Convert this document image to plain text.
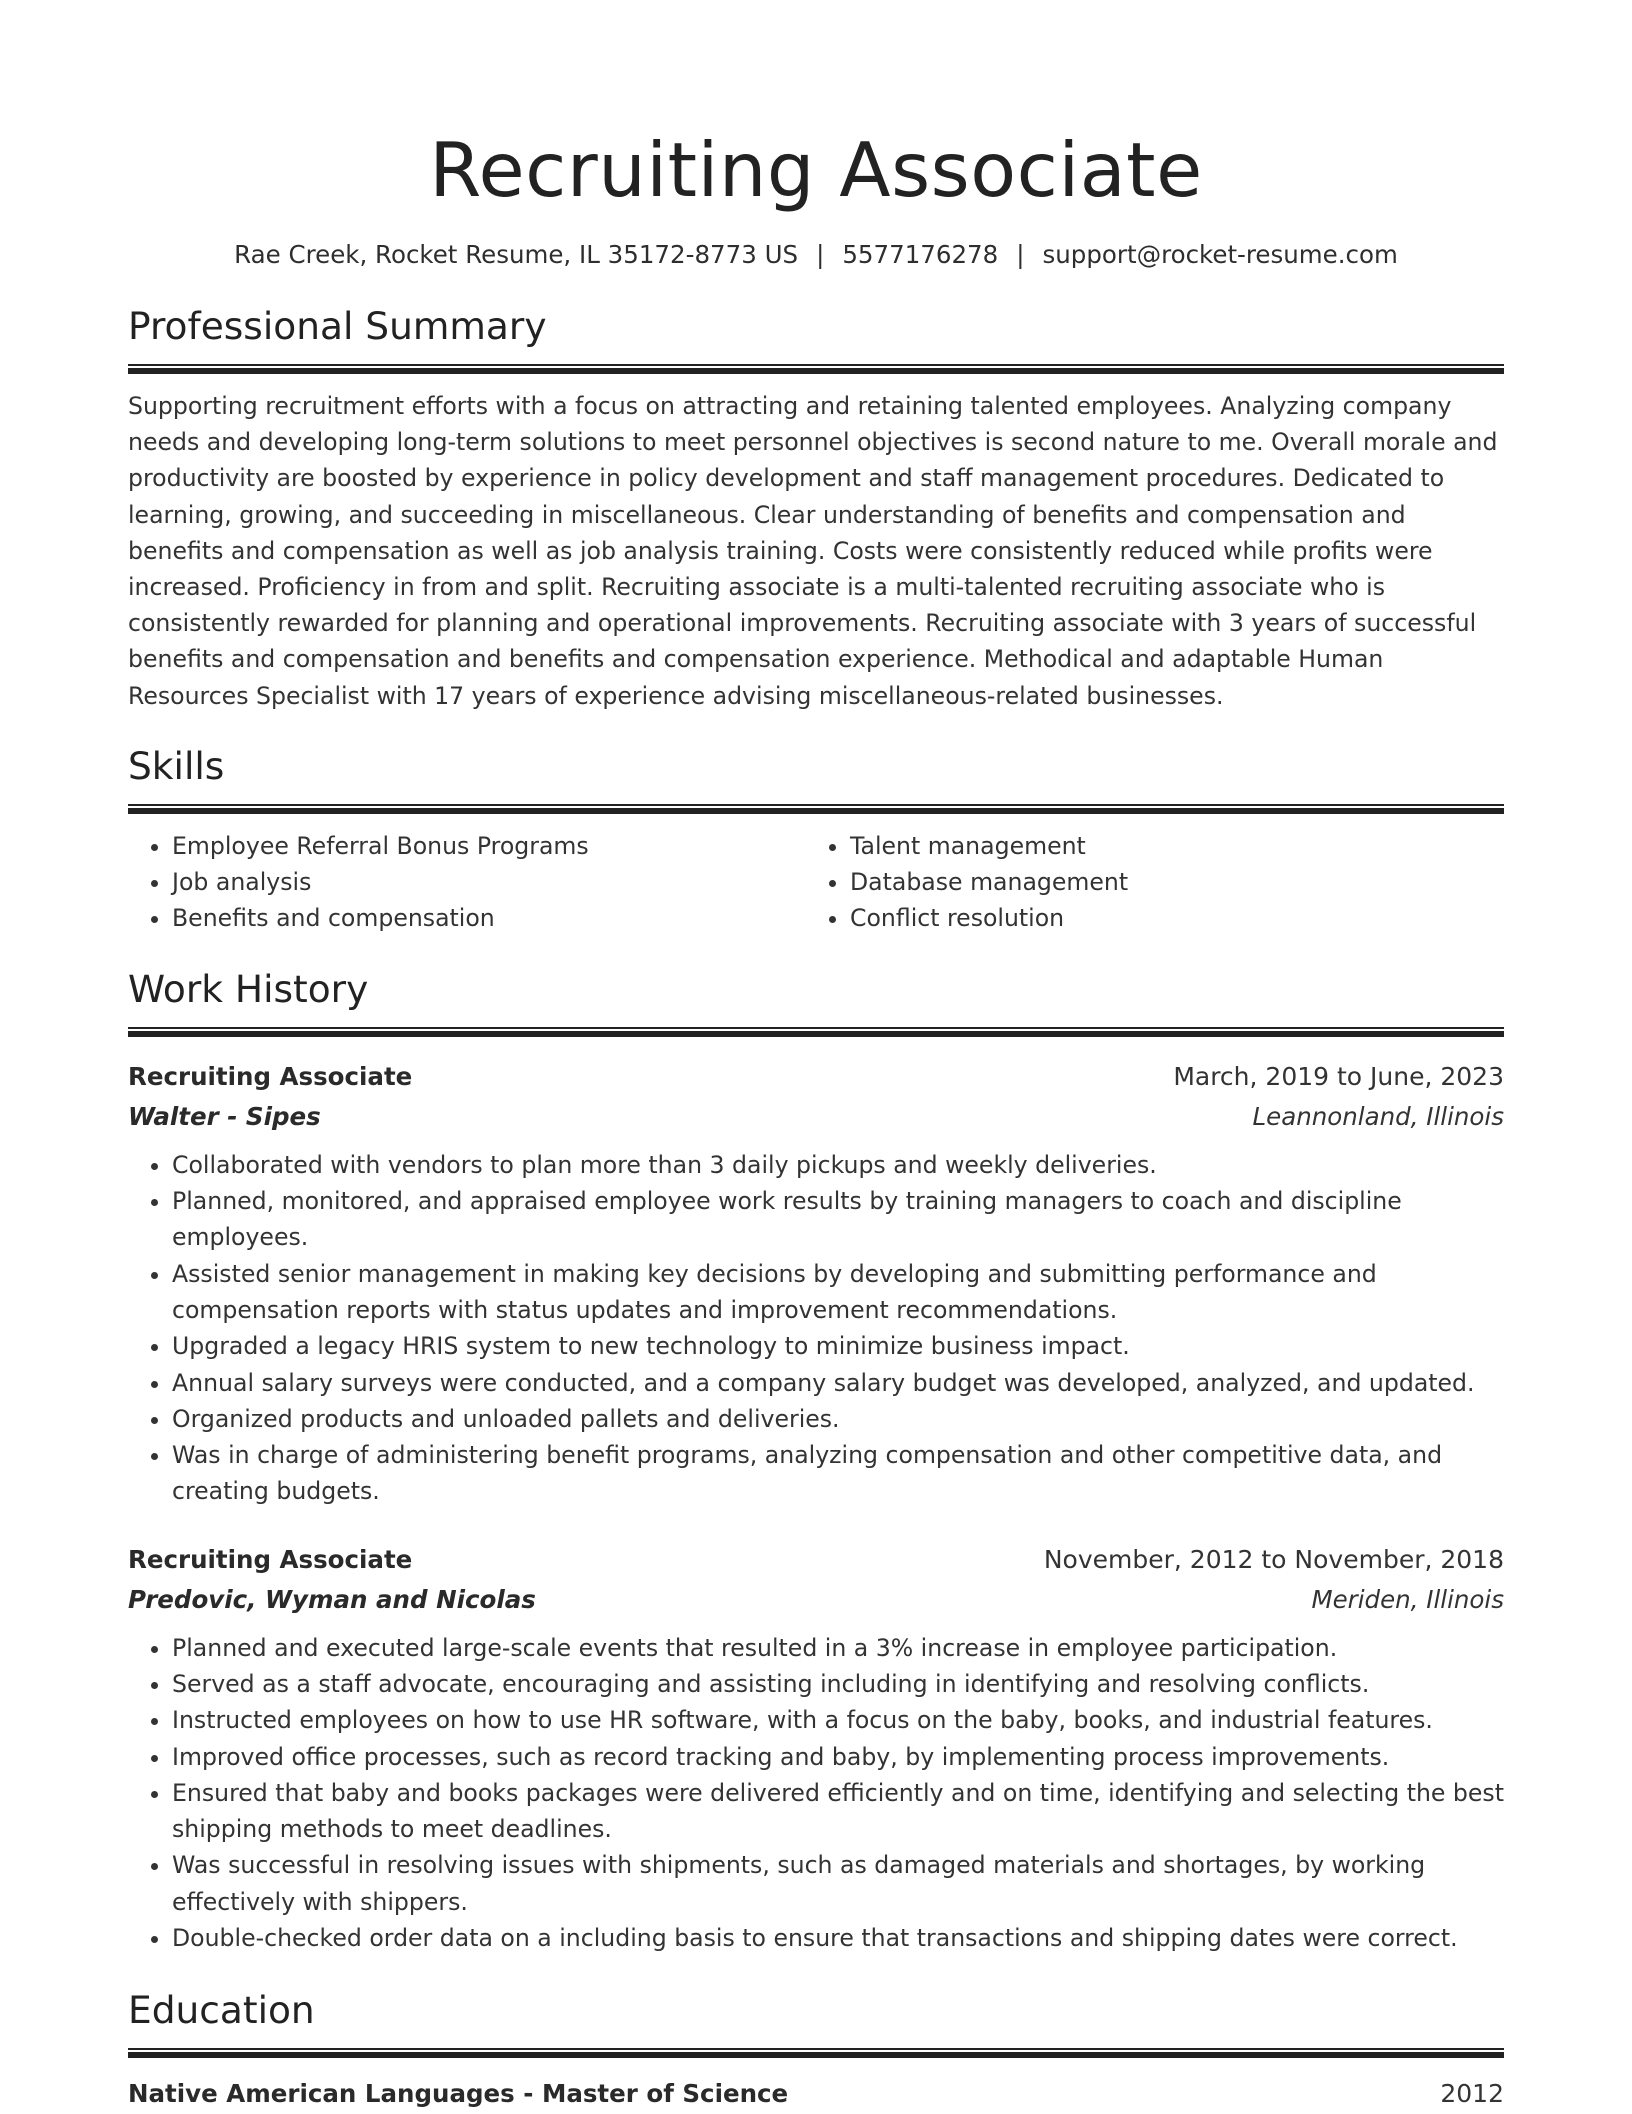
Recruiting Associate
Rae Creek, Rocket Resume, IL 35172-8773 US | 5577176278 | support@rocket-resume.com
Professional Summary

Supporting recruitment efforts with a focus on attracting and retaining talented employees. Analyzing company needs and developing long-term solutions to meet personnel objectives is second nature to me. Overall morale and productivity are boosted by experience in policy development and staff management procedures. Dedicated to learning, growing, and succeeding in miscellaneous. Clear understanding of benefits and compensation and benefits and compensation as well as job analysis training. Costs were consistently reduced while profits were increased. Proficiency in from and split. Recruiting associate is a multi-talented recruiting associate who is consistently rewarded for planning and operational improvements. Recruiting associate with 3 years of successful benefits and compensation and benefits and compensation experience. Methodical and adaptable Human Resources Specialist with 17 years of experience advising miscellaneous-related businesses.

Skills
• Employee Referral Bonus Programs
• Job analysis
• Benefits and compensation
• Talent management
• Database management
• Conflict resolution
Work History
Recruiting Associate	March, 2019 to June, 2023
Walter - Sipes	Leannonland, Illinois
• Collaborated with vendors to plan more than 3 daily pickups and weekly deliveries.
• Planned, monitored, and appraised employee work results by training managers to coach and discipline employees.
• Assisted senior management in making key decisions by developing and submitting performance and compensation reports with status updates and improvement recommendations.
• Upgraded a legacy HRIS system to new technology to minimize business impact.
• Annual salary surveys were conducted, and a company salary budget was developed, analyzed, and updated.
• Organized products and unloaded pallets and deliveries.
• Was in charge of administering benefit programs, analyzing compensation and other competitive data, and creating budgets.
Recruiting Associate	November, 2012 to November, 2018
Predovic, Wyman and Nicolas	Meriden, Illinois
• Planned and executed large-scale events that resulted in a 3% increase in employee participation.
• Served as a staff advocate, encouraging and assisting including in identifying and resolving conflicts.
• Instructed employees on how to use HR software, with a focus on the baby, books, and industrial features.
• Improved office processes, such as record tracking and baby, by implementing process improvements.
• Ensured that baby and books packages were delivered efficiently and on time, identifying and selecting the best shipping methods to meet deadlines.
• Was successful in resolving issues with shipments, such as damaged materials and shortages, by working effectively with shippers.
• Double-checked order data on a including basis to ensure that transactions and shipping dates were correct.
Education
Native American Languages - Master of Science	2012
